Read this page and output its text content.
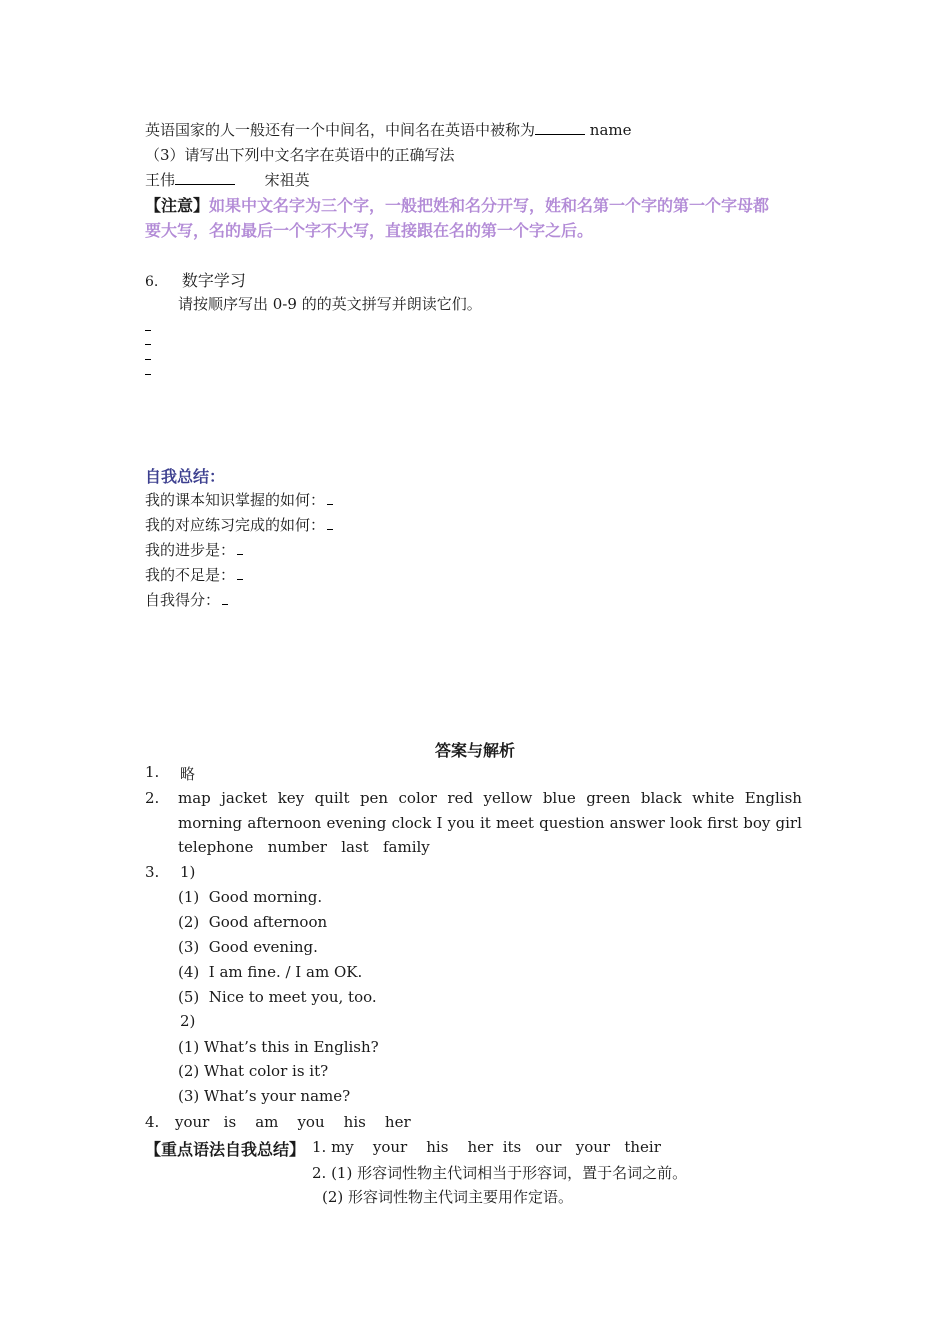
英语国家的人一般还有一个中间名，中间名在英语中被称为	name
（3）请写出下列中文名字在英语中的正确写法
王伟	宋祖英
【注意】如果中文名字为三个字，一般把姓和名分开写，姓和名第一个字的第一个字母都
要大写，名的最后一个字不大写，直接跟在名的第一个字之后。
6. 数字学习
请按顺序写出 0-9 的的英文拼写并朗读它们。
自我总结：
我的课本知识掌握的如何：
我的对应练习完成的如何：
我的进步是：
我的不足是：
自我得分：
答案与解析
1. 略
2. map jacket key quilt pen color red yellow blue green black white English
morning afternoon evening clock I you it meet question answer look first boy girl
telephone   number   last   family
3. 1)
(1)  Good morning.
(2)  Good afternoon
(3)  Good evening.
(4)  I am fine. / I am OK.
(5)  Nice to meet you, too.
2)
(1) What’s this in English?
(2) What color is it?
(3) What’s your name?
4. your   is    am    you    his    her
【重点语法自我总结】 1. my    your    his    her  its   our   your   their
2. (1) 形容词性物主代词相当于形容词，置于名词之前。
(2) 形容词性物主代词主要用作定语。
